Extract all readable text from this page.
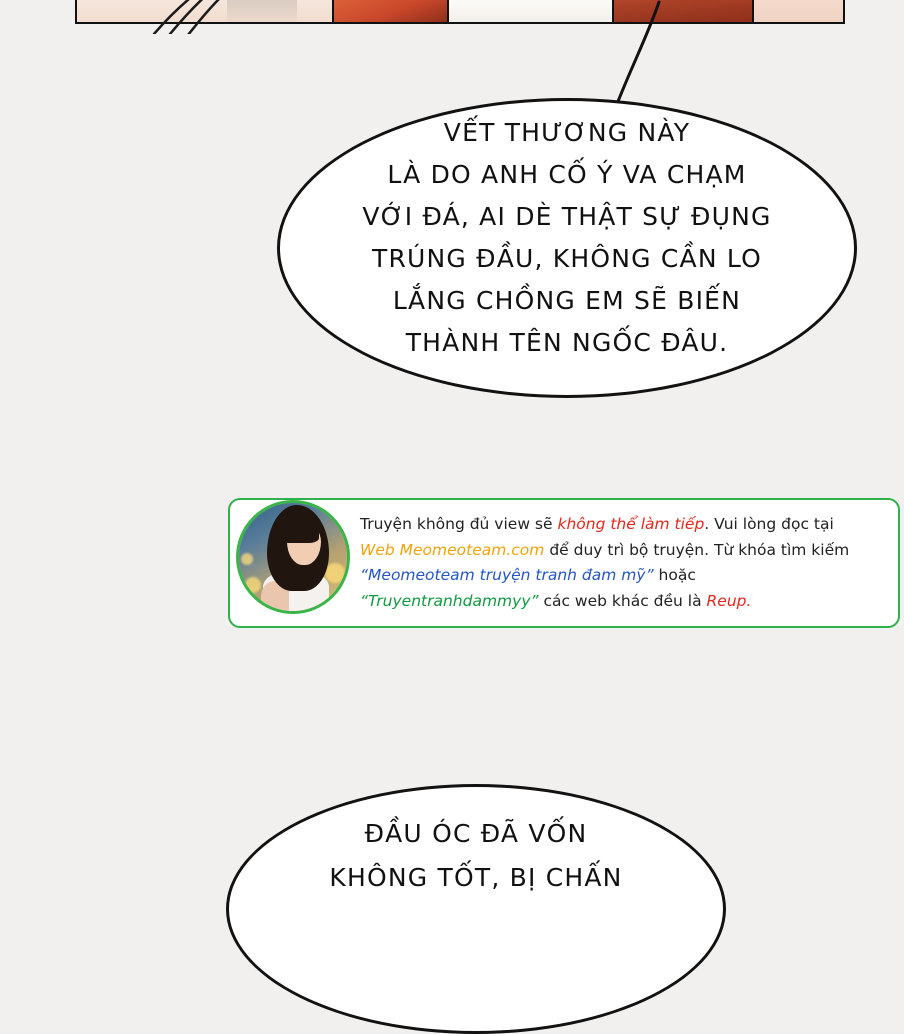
VẾT THƯƠNG NÀY
LÀ DO ANH CỐ Ý VA CHẠM
VỚI ĐÁ, AI DÈ THẬT SỰ ĐỤNG
TRÚNG ĐẦU, KHÔNG CẦN LO
LẮNG CHỒNG EM SẼ BIẾN
THÀNH TÊN NGỐC ĐÂU.
Truyện không đủ view sẽ không thể làm tiếp. Vui lòng đọc tại
Web Meomeoteam.com để duy trì bộ truyện. Từ khóa tìm kiếm
“Meomeoteam truyện tranh đam mỹ” hoặc
“Truyentranhdammyy” các web khác đều là Reup.
ĐẦU ÓC ĐÃ VỐN
KHÔNG TỐT, BỊ CHẤN
